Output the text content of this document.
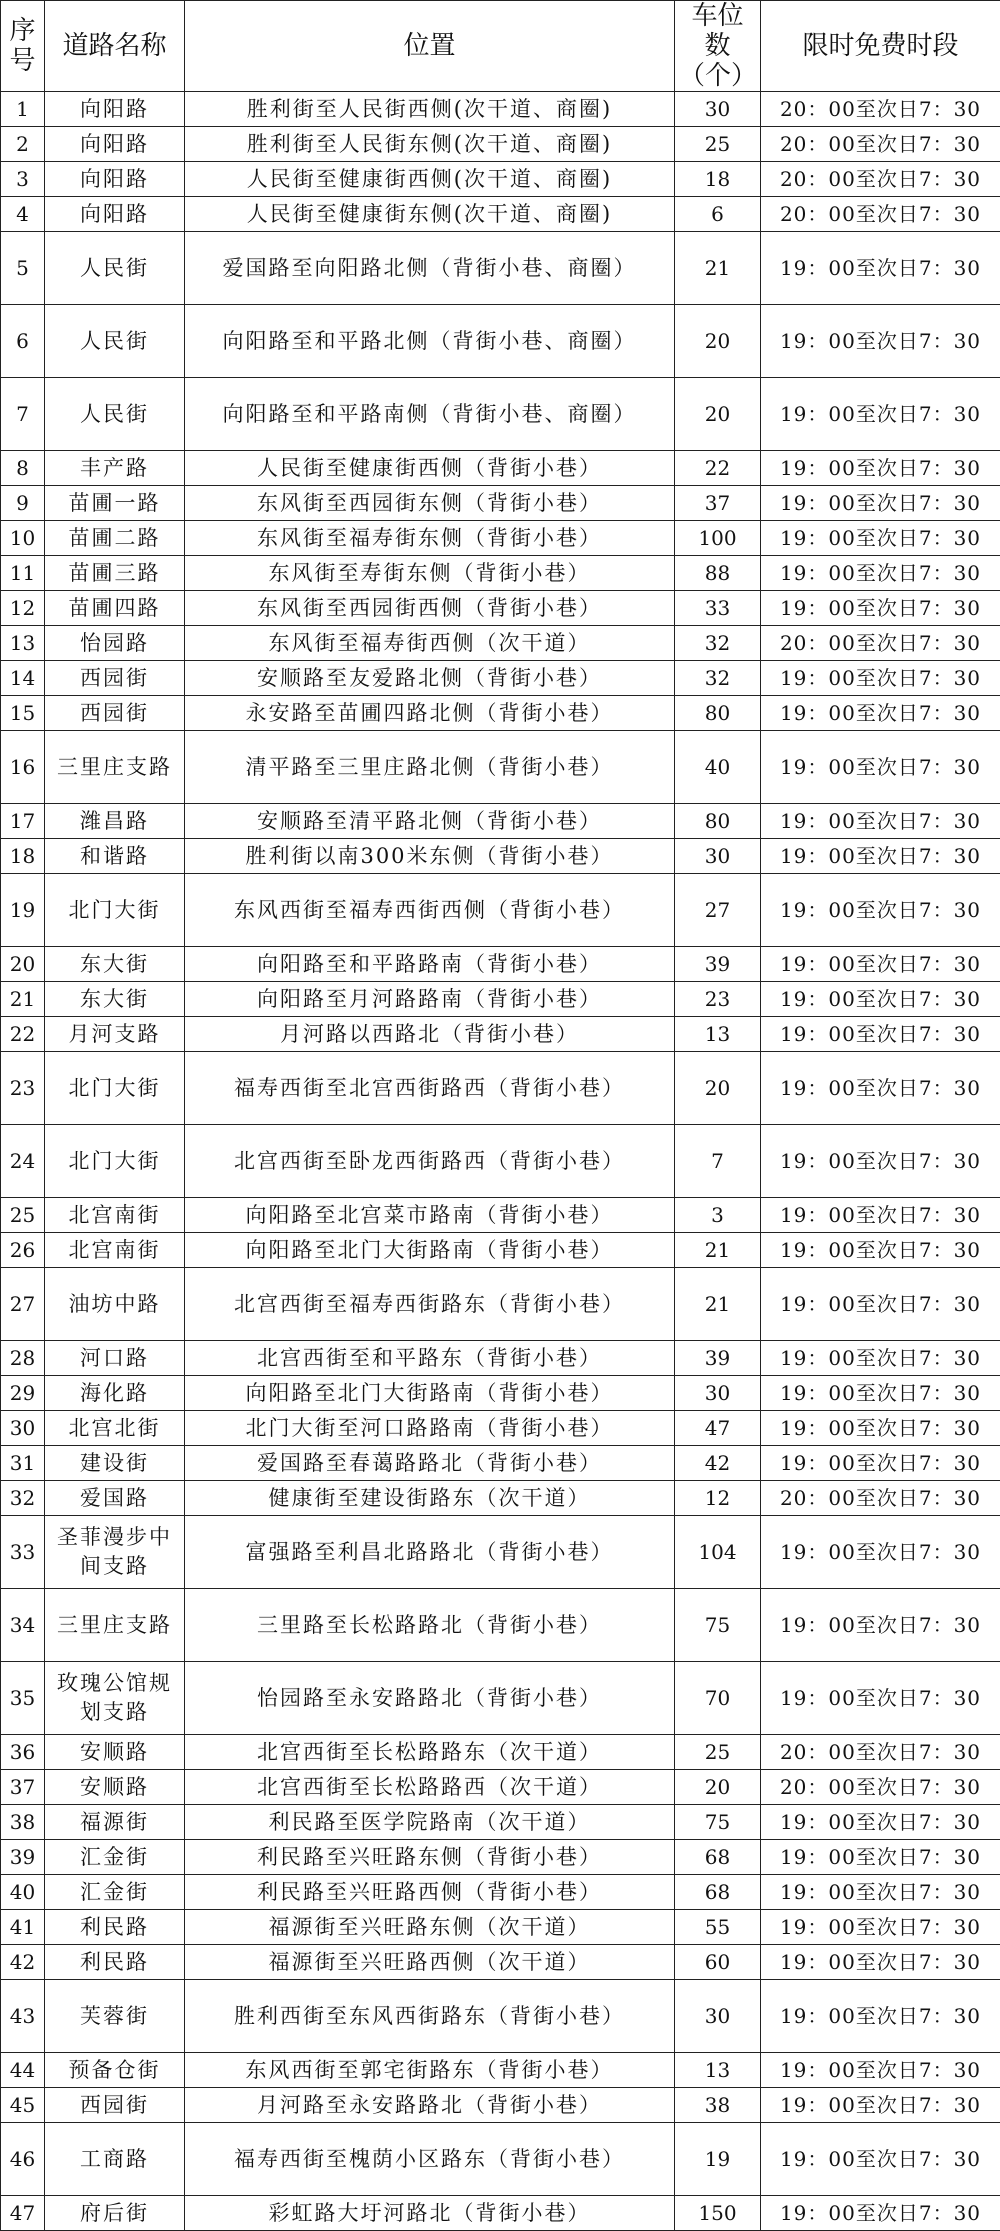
序号	道路名称	位置	车位数（个）	限时免费时段
1	向阳路	胜利街至人民街西侧(次干道、商圈)	30	20：00至次日7：30
2	向阳路	胜利街至人民街东侧(次干道、商圈)	25	20：00至次日7：30
3	向阳路	人民街至健康街西侧(次干道、商圈)	18	20：00至次日7：30
4	向阳路	人民街至健康街东侧(次干道、商圈)	6	20：00至次日7：30
5	人民街	爱国路至向阳路北侧（背街小巷、商圈）	21	19：00至次日7：30
6	人民街	向阳路至和平路北侧（背街小巷、商圈）	20	19：00至次日7：30
7	人民街	向阳路至和平路南侧（背街小巷、商圈）	20	19：00至次日7：30
8	丰产路	人民街至健康街西侧（背街小巷）	22	19：00至次日7：30
9	苗圃一路	东风街至西园街东侧（背街小巷）	37	19：00至次日7：30
10	苗圃二路	东风街至福寿街东侧（背街小巷）	100	19：00至次日7：30
11	苗圃三路	东风街至寿街东侧（背街小巷）	88	19：00至次日7：30
12	苗圃四路	东风街至西园街西侧（背街小巷）	33	19：00至次日7：30
13	怡园路	东风街至福寿街西侧（次干道）	32	20：00至次日7：30
14	西园街	安顺路至友爱路北侧（背街小巷）	32	19：00至次日7：30
15	西园街	永安路至苗圃四路北侧（背街小巷）	80	19：00至次日7：30
16	三里庄支路	清平路至三里庄路北侧（背街小巷）	40	19：00至次日7：30
17	潍昌路	安顺路至清平路北侧（背街小巷）	80	19：00至次日7：30
18	和谐路	胜利街以南300米东侧（背街小巷）	30	19：00至次日7：30
19	北门大街	东风西街至福寿西街西侧（背街小巷）	27	19：00至次日7：30
20	东大街	向阳路至和平路路南（背街小巷）	39	19：00至次日7：30
21	东大街	向阳路至月河路路南（背街小巷）	23	19：00至次日7：30
22	月河支路	月河路以西路北（背街小巷）	13	19：00至次日7：30
23	北门大街	福寿西街至北宫西街路西（背街小巷）	20	19：00至次日7：30
24	北门大街	北宫西街至卧龙西街路西（背街小巷）	7	19：00至次日7：30
25	北宫南街	向阳路至北宫菜市路南（背街小巷）	3	19：00至次日7：30
26	北宫南街	向阳路至北门大街路南（背街小巷）	21	19：00至次日7：30
27	油坊中路	北宫西街至福寿西街路东（背街小巷）	21	19：00至次日7：30
28	河口路	北宫西街至和平路东（背街小巷）	39	19：00至次日7：30
29	海化路	向阳路至北门大街路南（背街小巷）	30	19：00至次日7：30
30	北宫北街	北门大街至河口路路南（背街小巷）	47	19：00至次日7：30
31	建设街	爱国路至春蔼路路北（背街小巷）	42	19：00至次日7：30
32	爱国路	健康街至建设街路东（次干道）	12	20：00至次日7：30
33	圣菲漫步中间支路	富强路至利昌北路路北（背街小巷）	104	19：00至次日7：30
34	三里庄支路	三里路至长松路路北（背街小巷）	75	19：00至次日7：30
35	玫瑰公馆规划支路	怡园路至永安路路北（背街小巷）	70	19：00至次日7：30
36	安顺路	北宫西街至长松路路东（次干道）	25	20：00至次日7：30
37	安顺路	北宫西街至长松路路西（次干道）	20	20：00至次日7：30
38	福源街	利民路至医学院路南（次干道）	75	19：00至次日7：30
39	汇金街	利民路至兴旺路东侧（背街小巷）	68	19：00至次日7：30
40	汇金街	利民路至兴旺路西侧（背街小巷）	68	19：00至次日7：30
41	利民路	福源街至兴旺路东侧（次干道）	55	19：00至次日7：30
42	利民路	福源街至兴旺路西侧（次干道）	60	19：00至次日7：30
43	芙蓉街	胜利西街至东风西街路东（背街小巷）	30	19：00至次日7：30
44	预备仓街	东风西街至郭宅街路东（背街小巷）	13	19：00至次日7：30
45	西园街	月河路至永安路路北（背街小巷）	38	19：00至次日7：30
46	工商路	福寿西街至槐荫小区路东（背街小巷）	19	19：00至次日7：30
47	府后街	彩虹路大圩河路北（背街小巷）	150	19：00至次日7：30
